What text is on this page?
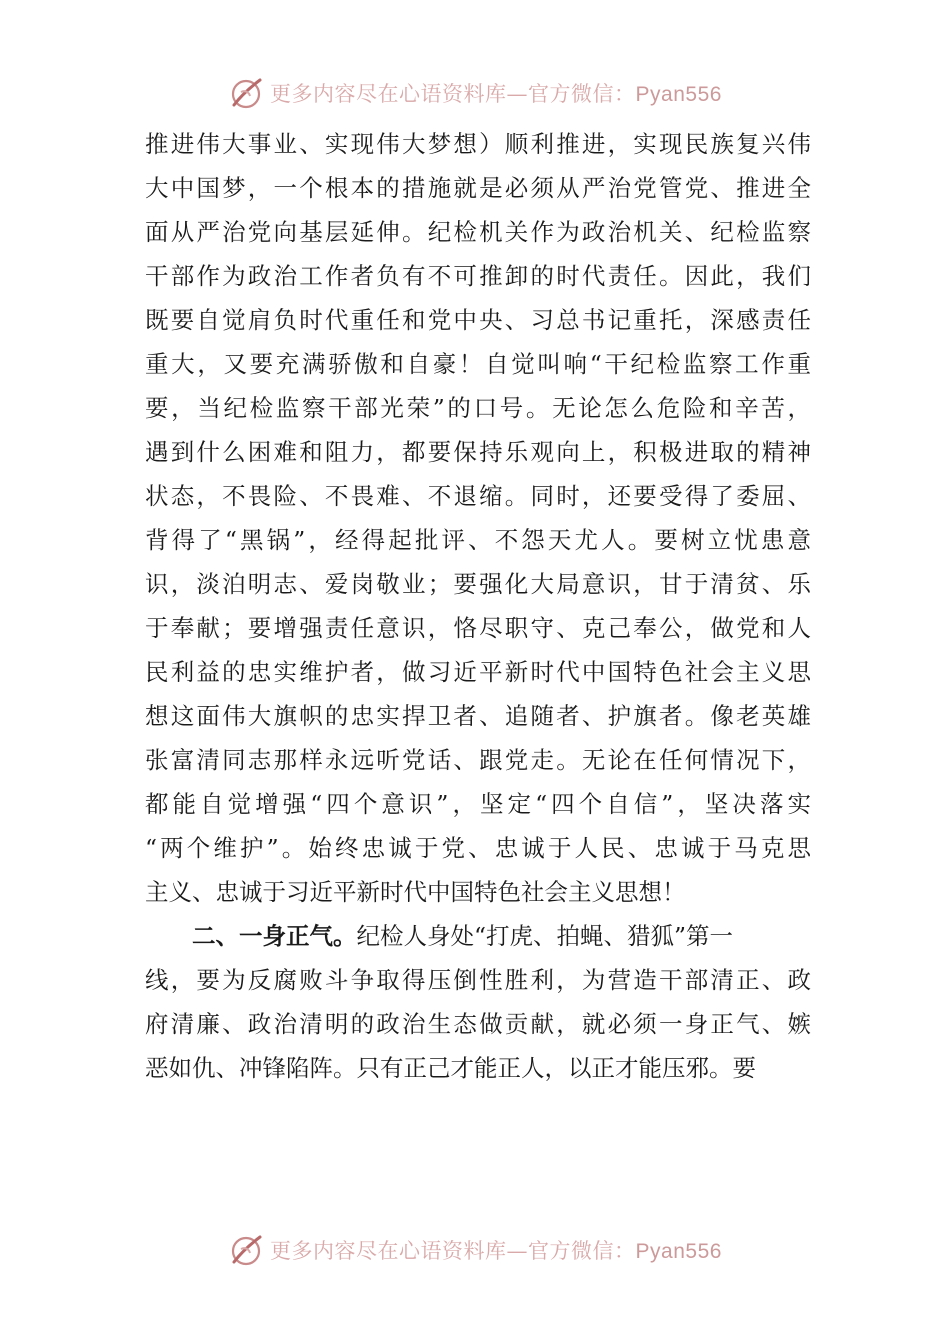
更多内容尽在心语资料库—官方微信：Pyan556
推进伟大事业、实现伟大梦想）顺利推进，实现民族复兴伟
大中国梦，一个根本的措施就是必须从严治党管党、推进全
面从严治党向基层延伸。纪检机关作为政治机关、纪检监察
干部作为政治工作者负有不可推卸的时代责任。因此，我们
既要自觉肩负时代重任和党中央、习总书记重托，深感责任
重大，又要充满骄傲和自豪！自觉叫响“干纪检监察工作重
要，当纪检监察干部光荣”的口号。无论怎么危险和辛苦，
遇到什么困难和阻力，都要保持乐观向上，积极进取的精神
状态，不畏险、不畏难、不退缩。同时，还要受得了委屈、
背得了“黑锅”，经得起批评、不怨天尤人。要树立忧患意
识，淡泊明志、爱岗敬业；要强化大局意识，甘于清贫、乐
于奉献；要增强责任意识，恪尽职守、克己奉公，做党和人
民利益的忠实维护者，做习近平新时代中国特色社会主义思
想这面伟大旗帜的忠实捍卫者、追随者、护旗者。像老英雄
张富清同志那样永远听党话、跟党走。无论在任何情况下，
都能自觉增强“四个意识”，坚定“四个自信”，坚决落实
“两个维护”。始终忠诚于党、忠诚于人民、忠诚于马克思
主义、忠诚于习近平新时代中国特色社会主义思想！
二、一身正气。纪检人身处“打虎、拍蝇、猎狐”第一
线，要为反腐败斗争取得压倒性胜利，为营造干部清正、政
府清廉、政治清明的政治生态做贡献，就必须一身正气、嫉
恶如仇、冲锋陷阵。只有正己才能正人，以正才能压邪。要
更多内容尽在心语资料库—官方微信：Pyan556
